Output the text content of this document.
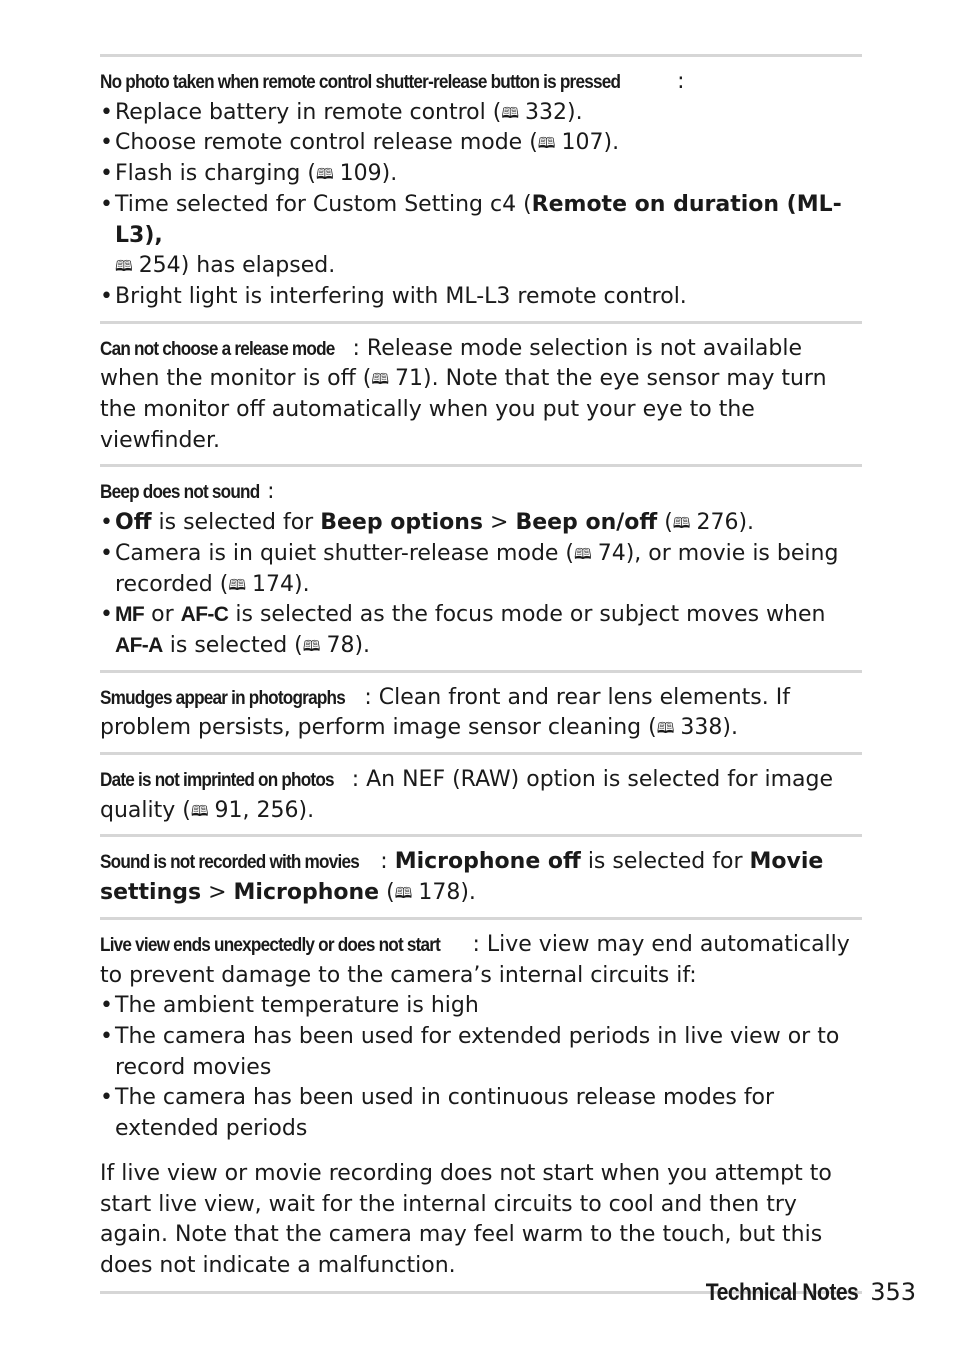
No photo taken when remote control shutter-release button is pressed	:
• Replace battery in remote control (🕮 332).
• Choose remote control release mode (🕮 107).
• Flash is charging (🕮 109).
• Time selected for Custom Setting c4 (Remote on duration (ML-L3),
🕮 254) has elapsed.
• Bright light is interfering with ML-L3 remote control.
Can not choose a release mode : Release mode selection is not available when the monitor is off (🕮 71). Note that the eye sensor may turn the monitor off automatically when you put your eye to the viewfinder.
Beep does not sound :
• Off is selected for Beep options > Beep on/off (🕮 276).
• Camera is in quiet shutter-release mode (🕮 74), or movie is being recorded (🕮 174).
• MF or AF-C is selected as the focus mode or subject moves when AF-A is selected (🕮 78).
Smudges appear in photographs : Clean front and rear lens elements. If problem persists, perform image sensor cleaning (🕮 338).
Date is not imprinted on photos : An NEF (RAW) option is selected for image quality (🕮 91, 256).
Sound is not recorded with movies : Microphone off is selected for Movie settings > Microphone (🕮 178).
Live view ends unexpectedly or does not start : Live view may end automatically to prevent damage to the camera’s internal circuits if:
• The ambient temperature is high
• The camera has been used for extended periods in live view or to record movies
• The camera has been used in continuous release modes for extended periods
If live view or movie recording does not start when you attempt to start live view, wait for the internal circuits to cool and then try again. Note that the camera may feel warm to the touch, but this does not indicate a malfunction.
Technical Notes 353
